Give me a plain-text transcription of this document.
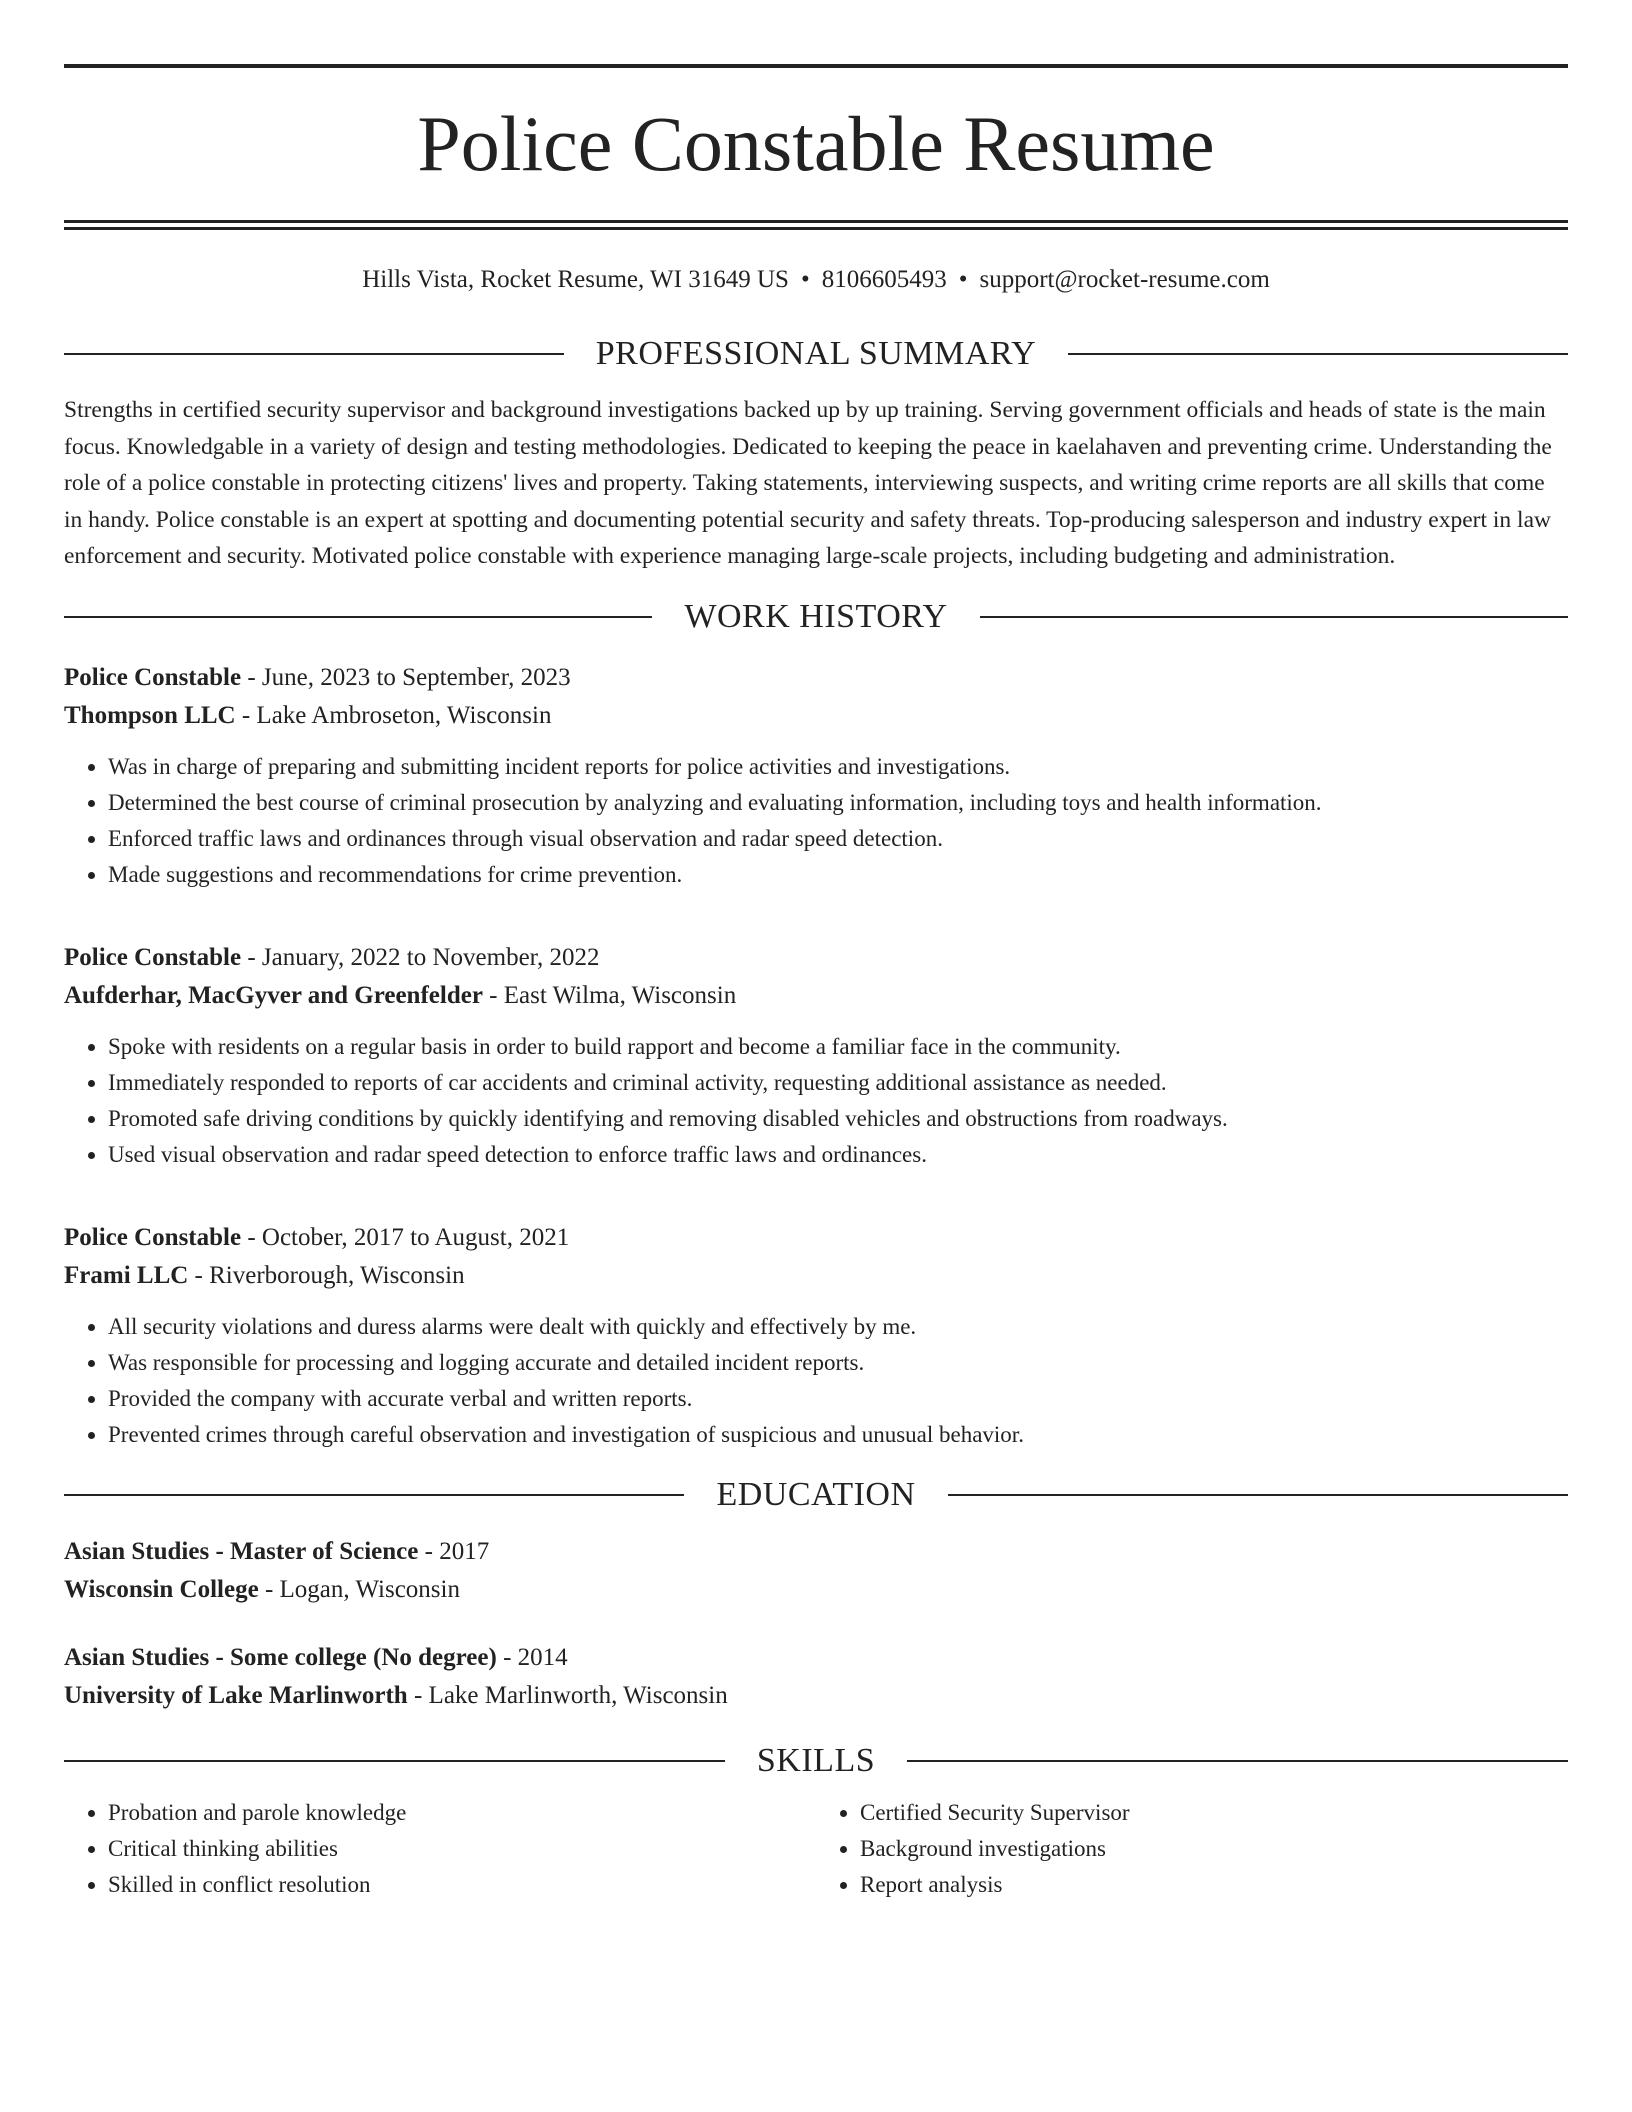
Police Constable Resume
Hills Vista, Rocket Resume, WI 31649 US • 8106605493 • support@rocket-resume.com
PROFESSIONAL SUMMARY

Strengths in certified security supervisor and background investigations backed up by up training. Serving government officials and heads of state is the main focus. Knowledgable in a variety of design and testing methodologies. Dedicated to keeping the peace in kaelahaven and preventing crime. Understanding the role of a police constable in protecting citizens' lives and property. Taking statements, interviewing suspects, and writing crime reports are all skills that come in handy. Police constable is an expert at spotting and documenting potential security and safety threats. Top-producing salesperson and industry expert in law enforcement and security. Motivated police constable with experience managing large-scale projects, including budgeting and administration.

WORK HISTORY
Police Constable - June, 2023 to September, 2023
Thompson LLC - Lake Ambroseton, Wisconsin
• Was in charge of preparing and submitting incident reports for police activities and investigations.
• Determined the best course of criminal prosecution by analyzing and evaluating information, including toys and health information.
• Enforced traffic laws and ordinances through visual observation and radar speed detection.
• Made suggestions and recommendations for crime prevention.
Police Constable - January, 2022 to November, 2022
Aufderhar, MacGyver and Greenfelder - East Wilma, Wisconsin
• Spoke with residents on a regular basis in order to build rapport and become a familiar face in the community.
• Immediately responded to reports of car accidents and criminal activity, requesting additional assistance as needed.
• Promoted safe driving conditions by quickly identifying and removing disabled vehicles and obstructions from roadways.
• Used visual observation and radar speed detection to enforce traffic laws and ordinances.
Police Constable - October, 2017 to August, 2021
Frami LLC - Riverborough, Wisconsin
• All security violations and duress alarms were dealt with quickly and effectively by me.
• Was responsible for processing and logging accurate and detailed incident reports.
• Provided the company with accurate verbal and written reports.
• Prevented crimes through careful observation and investigation of suspicious and unusual behavior.
EDUCATION
Asian Studies - Master of Science - 2017
Wisconsin College - Logan, Wisconsin
Asian Studies - Some college (No degree) - 2014
University of Lake Marlinworth - Lake Marlinworth, Wisconsin
SKILLS
• Probation and parole knowledge
• Critical thinking abilities
• Skilled in conflict resolution
• Certified Security Supervisor
• Background investigations
• Report analysis
